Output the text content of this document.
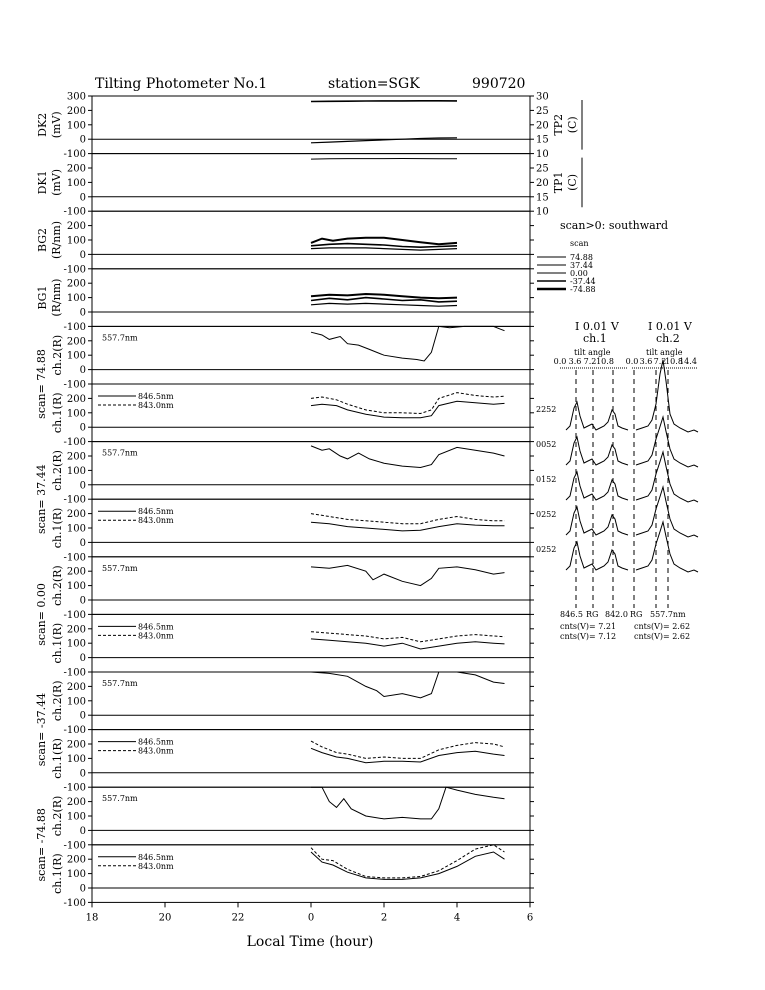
Tilting Photometer No.1	station=SGK	990720
300
200
100
0
-100
DK2 (mV)
30
25
20
15
10
TP2 (C)
200
100
0
-100
DK1 (mV)	25
20
15
10
TP1 (C)
200
100
0
-100
BG2 (R/nm)
200
100
0
-100
BG1 (R/nm)
200
100
0
-100
ch.2(R)	557.7nm
200
100
0
-100
ch.1(R)	846.5nm
843.0nm
200
100
0
-100
ch.2(R)	557.7nm
200
100
0
-100
ch.1(R)	846.5nm
843.0nm
200
100
0
-100
ch.2(R)	557.7nm
200
100
0
-100
ch.1(R)	846.5nm
843.0nm
200
100
0
-100
ch.2(R)	557.7nm
200
100
0
-100
ch.1(R)	846.5nm
843.0nm
200
100
0
-100
ch.2(R)	557.7nm
200
100
0
-100
ch.1(R)	846.5nm
843.0nm
scan= 74.88
scan= 37.44
scan= 0.00
scan= -37.44
scan= -74.88
18	20	22	0	2	4	6
Local Time (hour)
scan>0: southward
scan
74.88
37.44
0.00
-37.44
-74.88
I 0.01 V
ch.1
I 0.01 V
ch.2
tilt angle	tilt angle
0.0 3.6 7.2 10.8 0.0 3.6 7.2
10.8
14.4
2252
0052
0152
0252
0252
846.5 RG 842.0 RG 557.7nm
cnts(V)= 7.21
cnts(V)= 7.12
cnts(V)= 2.62
cnts(V)= 2.62
